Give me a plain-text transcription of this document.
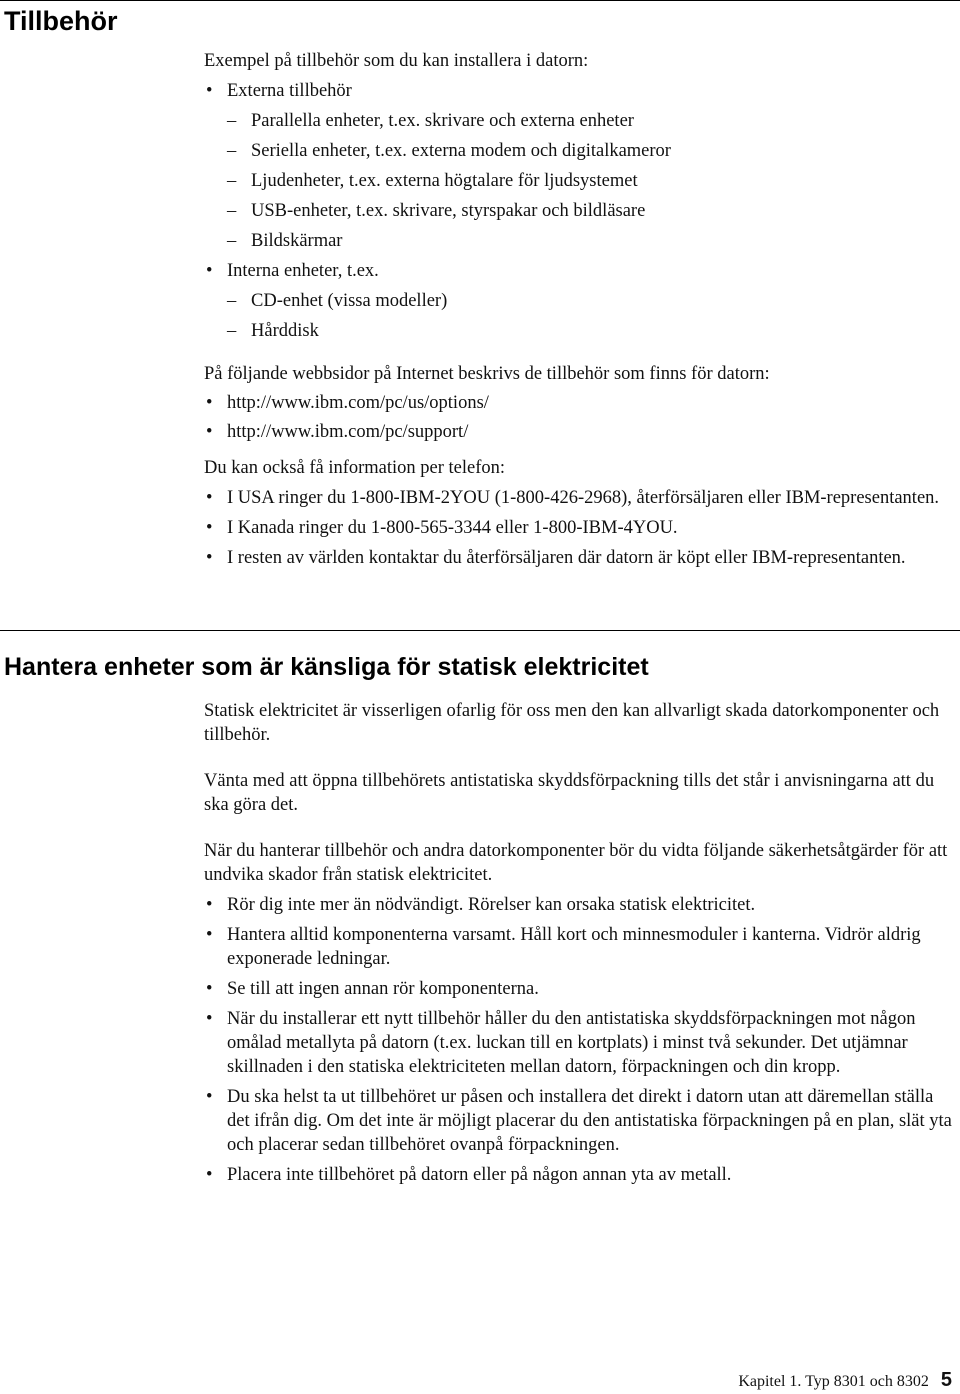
Tillbehör

Exempel på tillbehör som du kan installera i datorn:

• Externa tillbehör
– Parallella enheter, t.ex. skrivare och externa enheter
– Seriella enheter, t.ex. externa modem och digitalkameror
– Ljudenheter, t.ex. externa högtalare för ljudsystemet
– USB-enheter, t.ex. skrivare, styrspakar och bildläsare
– Bildskärmar
• Interna enheter, t.ex.
– CD-enhet (vissa modeller)
– Hårddisk

På följande webbsidor på Internet beskrivs de tillbehör som finns för datorn:

• http://www.ibm.com/pc/us/options/
• http://www.ibm.com/pc/support/

Du kan också få information per telefon:

• I USA ringer du 1-800-IBM-2YOU (1-800-426-2968), återförsäljaren eller IBM-representanten.
• I Kanada ringer du 1-800-565-3344 eller 1-800-IBM-4YOU.
• I resten av världen kontaktar du återförsäljaren där datorn är köpt eller IBM-representanten.
Hantera enheter som är känsliga för statisk elektricitet

Statisk elektricitet är visserligen ofarlig för oss men den kan allvarligt skada datorkomponenter och tillbehör.

Vänta med att öppna tillbehörets antistatiska skyddsförpackning tills det står i anvisningarna att du ska göra det.

När du hanterar tillbehör och andra datorkomponenter bör du vidta följande säkerhetsåtgärder för att undvika skador från statisk elektricitet.

• Rör dig inte mer än nödvändigt. Rörelser kan orsaka statisk elektricitet.
• Hantera alltid komponenterna varsamt. Håll kort och minnesmoduler i kanterna. Vidrör aldrig exponerade ledningar.
• Se till att ingen annan rör komponenterna.
• När du installerar ett nytt tillbehör håller du den antistatiska skyddsförpackningen mot någon omålad metallyta på datorn (t.ex. luckan till en kortplats) i minst två sekunder. Det utjämnar skillnaden i den statiska elektriciteten mellan datorn, förpackningen och din kropp.
• Du ska helst ta ut tillbehöret ur påsen och installera det direkt i datorn utan att däremellan ställa det ifrån dig. Om det inte är möjligt placerar du den antistatiska förpackningen på en plan, slät yta och placerar sedan tillbehöret ovanpå förpackningen.
• Placera inte tillbehöret på datorn eller på någon annan yta av metall.
Kapitel 1. Typ 8301 och 8302 5
